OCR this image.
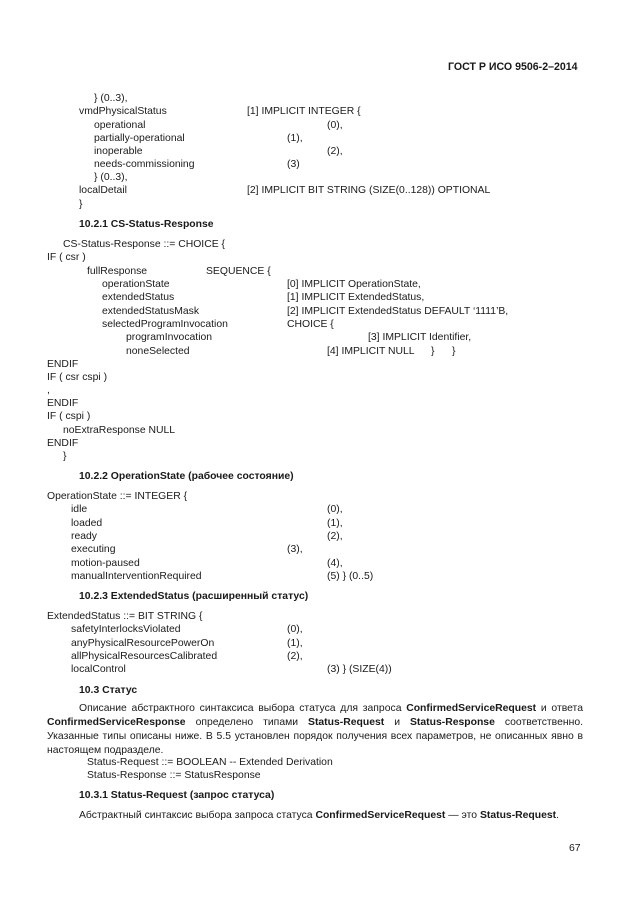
ГОСТ Р ИСО 9506-2–2014
} (0..3),
vmdPhysicalStatus	[1] IMPLICIT INTEGER {
operational	(0),
partially-operational	(1),
inoperable	(2),
needs-commissioning	(3)
} (0..3),
localDetail	[2] IMPLICIT BIT STRING (SIZE(0..128)) OPTIONAL
}
10.2.1 CS-Status-Response
CS-Status-Response ::= CHOICE {
IF ( csr )
fullResponse	SEQUENCE {
operationState	[0] IMPLICIT OperationState,
extendedStatus	[1] IMPLICIT ExtendedStatus,
extendedStatusMask	[2] IMPLICIT ExtendedStatus DEFAULT ‘1111’B,
selectedProgramInvocation	CHOICE {
programInvocation	[3] IMPLICIT Identifier,
noneSelected	[4] IMPLICIT NULL } }
ENDIF
IF ( csr cspi )
,
ENDIF
IF ( cspi )
noExtraResponse NULL
ENDIF
}
10.2.2 OperationState (рабочее состояние)
OperationState ::= INTEGER {
idle	(0),
loaded	(1),
ready	(2),
executing	(3),
motion-paused	(4),
manualInterventionRequired	(5) } (0..5)
10.2.3 ExtendedStatus (расширенный статус)
ExtendedStatus ::= BIT STRING {
safetyInterlocksViolated	(0),
anyPhysicalResourcePowerOn	(1),
allPhysicalResourcesCalibrated	(2),
localControl	(3) } (SIZE(4))
10.3 Статус
Описание абстрактного синтаксиса выбора статуса для запроса ConfirmedServiceRequest и ответа ConfirmedServiceResponse определено типами Status-Request и Status-Response соответственно. Указанные типы описаны ниже. В 5.5 установлен порядок получения всех параметров, не описанных явно в настоящем подразделе.
Status-Request ::= BOOLEAN -- Extended Derivation
Status-Response ::= StatusResponse
10.3.1 Status-Request (запрос статуса)
Абстрактный синтаксис выбора запроса статуса ConfirmedServiceRequest — это Status-Request.
67
